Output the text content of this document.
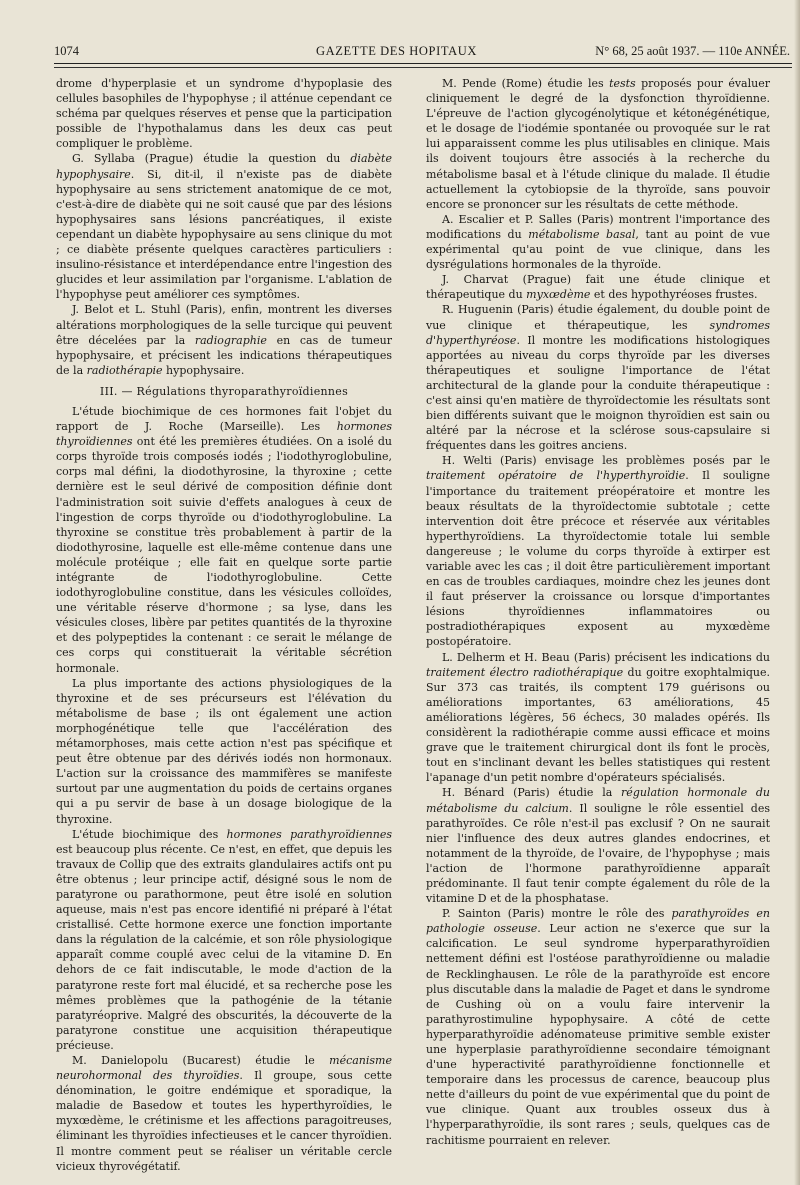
1074	GAZETTE DES HOPITAUX	N° 68, 25 août 1937. — 110e ANNÉE.

drome d'hyperplasie et un syndrome d'hypoplasie des cellules basophiles de l'hypophyse ; il atténue cependant ce schéma par quelques réserves et pense que la participation possible de l'hypothalamus dans les deux cas peut compliquer le problème.

G. Syllaba (Prague) étudie la question du diabète hypophysaire. Si, dit-il, il n'existe pas de diabète hypophysaire au sens strictement anatomique de ce mot, c'est-à-dire de diabète qui ne soit causé que par des lésions hypophysaires sans lésions pancréatiques, il existe cependant un diabète hypophysaire au sens clinique du mot ; ce diabète présente quelques caractères particuliers : insulino-résistance et interdépendance entre l'ingestion des glucides et leur assimilation par l'organisme. L'ablation de l'hypophyse peut améliorer ces symptômes.

J. Belot et L. Stuhl (Paris), enfin, montrent les diverses altérations morphologiques de la selle turcique qui peuvent être décelées par la radiographie en cas de tumeur hypophysaire, et précisent les indications thérapeutiques de la radiothérapie hypophysaire.

III. — Régulations thyroparathyroïdiennes

L'étude biochimique de ces hormones fait l'objet du rapport de J. Roche (Marseille). Les hormones thyroïdiennes ont été les premières étudiées. On a isolé du corps thyroïde trois composés iodés ; l'iodothyroglobuline, corps mal défini, la diodothyrosine, la thyroxine ; cette dernière est le seul dérivé de composition définie dont l'administration soit suivie d'effets analogues à ceux de l'ingestion de corps thyroïde ou d'iodothyroglobuline. La thyroxine se constitue très probablement à partir de la diodothyrosine, laquelle est elle-même contenue dans une molécule protéique ; elle fait en quelque sorte partie intégrante de l'iodothyroglobuline. Cette iodothyroglobuline constitue, dans les vésicules colloïdes, une véritable réserve d'hormone ; sa lyse, dans les vésicules closes, libère par petites quantités de la thyroxine et des polypeptides la contenant : ce serait le mélange de ces corps qui constituerait la véritable sécrétion hormonale.

La plus importante des actions physiologiques de la thyroxine et de ses précurseurs est l'élévation du métabolisme de base ; ils ont également une action morphogénétique telle que l'accélération des métamorphoses, mais cette action n'est pas spécifique et peut être obtenue par des dérivés iodés non hormonaux. L'action sur la croissance des mammifères se manifeste surtout par une augmentation du poids de certains organes qui a pu servir de base à un dosage biologique de la thyroxine.

L'étude biochimique des hormones parathyroïdiennes est beaucoup plus récente. Ce n'est, en effet, que depuis les travaux de Collip que des extraits glandulaires actifs ont pu être obtenus ; leur principe actif, désigné sous le nom de paratyrone ou parathormone, peut être isolé en solution aqueuse, mais n'est pas encore identifié ni préparé à l'état cristallisé. Cette hormone exerce une fonction importante dans la régulation de la calcémie, et son rôle physiologique apparaît comme couplé avec celui de la vitamine D. En dehors de ce fait indiscutable, le mode d'action de la paratyrone reste fort mal élucidé, et sa recherche pose les mêmes problèmes que la pathogénie de la tétanie paratyréoprive. Malgré des obscurités, la découverte de la paratyrone constitue une acquisition thérapeutique précieuse.

M. Danielopolu (Bucarest) étudie le mécanisme neurohormonal des thyroïdies. Il groupe, sous cette dénomination, le goitre endémique et sporadique, la maladie de Basedow et toutes les hyperthyroïdies, le myxœdème, le crétinisme et les affections paragoitreuses, éliminant les thyroïdies infectieuses et le cancer thyroïdien. Il montre comment peut se réaliser un véritable cercle vicieux thyrovégétatif.

M. Pende (Rome) étudie les tests proposés pour évaluer cliniquement le degré de la dysfonction thyroïdienne. L'épreuve de l'action glycogénolytique et kétonégénétique, et le dosage de l'iodémie spontanée ou provoquée sur le rat lui apparaissent comme les plus utilisables en clinique. Mais ils doivent toujours être associés à la recherche du métabolisme basal et à l'étude clinique du malade. Il étudie actuellement la cytobiopsie de la thyroïde, sans pouvoir encore se prononcer sur les résultats de cette méthode.

A. Escalier et P. Salles (Paris) montrent l'importance des modifications du métabolisme basal, tant au point de vue expérimental qu'au point de vue clinique, dans les dysrégulations hormonales de la thyroïde.

J. Charvat (Prague) fait une étude clinique et thérapeutique du myxœdème et des hypothyréoses frustes.

R. Huguenin (Paris) étudie également, du double point de vue clinique et thérapeutique, les syndromes d'hyperthyréose. Il montre les modifications histologiques apportées au niveau du corps thyroïde par les diverses thérapeutiques et souligne l'importance de l'état architectural de la glande pour la conduite thérapeutique : c'est ainsi qu'en matière de thyroïdectomie les résultats sont bien différents suivant que le moignon thyroïdien est sain ou altéré par la nécrose et la sclérose sous-capsulaire si fréquentes dans les goitres anciens.

H. Welti (Paris) envisage les problèmes posés par le traitement opératoire de l'hyperthyroïdie. Il souligne l'importance du traitement préopératoire et montre les beaux résultats de la thyroïdectomie subtotale ; cette intervention doit être précoce et réservée aux véritables hyperthyroïdiens. La thyroïdectomie totale lui semble dangereuse ; le volume du corps thyroïde à extirper est variable avec les cas ; il doit être particulièrement important en cas de troubles cardiaques, moindre chez les jeunes dont il faut préserver la croissance ou lorsque d'importantes lésions thyroïdiennes inflammatoires ou postradiothérapiques exposent au myxœdème postopératoire.

L. Delherm et H. Beau (Paris) précisent les indications du traitement électro radiothérapique du goitre exophtalmique. Sur 373 cas traités, ils comptent 179 guérisons ou améliorations importantes, 63 améliorations, 45 améliorations légères, 56 échecs, 30 malades opérés. Ils considèrent la radiothérapie comme aussi efficace et moins grave que le traitement chirurgical dont ils font le procès, tout en s'inclinant devant les belles statistiques qui restent l'apanage d'un petit nombre d'opérateurs spécialisés.

H. Bénard (Paris) étudie la régulation hormonale du métabolisme du calcium. Il souligne le rôle essentiel des parathyroïdes. Ce rôle n'est-il pas exclusif ? On ne saurait nier l'influence des deux autres glandes endocrines, et notamment de la thyroïde, de l'ovaire, de l'hypophyse ; mais l'action de l'hormone parathyroïdienne apparaît prédominante. Il faut tenir compte également du rôle de la vitamine D et de la phosphatase.

P. Sainton (Paris) montre le rôle des parathyroïdes en pathologie osseuse. Leur action ne s'exerce que sur la calcification. Le seul syndrome hyperparathyroïdien nettement défini est l'ostéose parathyroïdienne ou maladie de Recklinghausen. Le rôle de la parathyroïde est encore plus discutable dans la maladie de Paget et dans le syndrome de Cushing où on a voulu faire intervenir la parathyrostimuline hypophysaire. A côté de cette hyperparathyroïdie adénomateuse primitive semble exister une hyperplasie parathyroïdienne secondaire témoignant d'une hyperactivité parathyroïdienne fonctionnelle et temporaire dans les processus de carence, beaucoup plus nette d'ailleurs du point de vue expérimental que du point de vue clinique. Quant aux troubles osseux dus à l'hyperparathyroïdie, ils sont rares ; seuls, quelques cas de rachitisme pourraient en relever.
